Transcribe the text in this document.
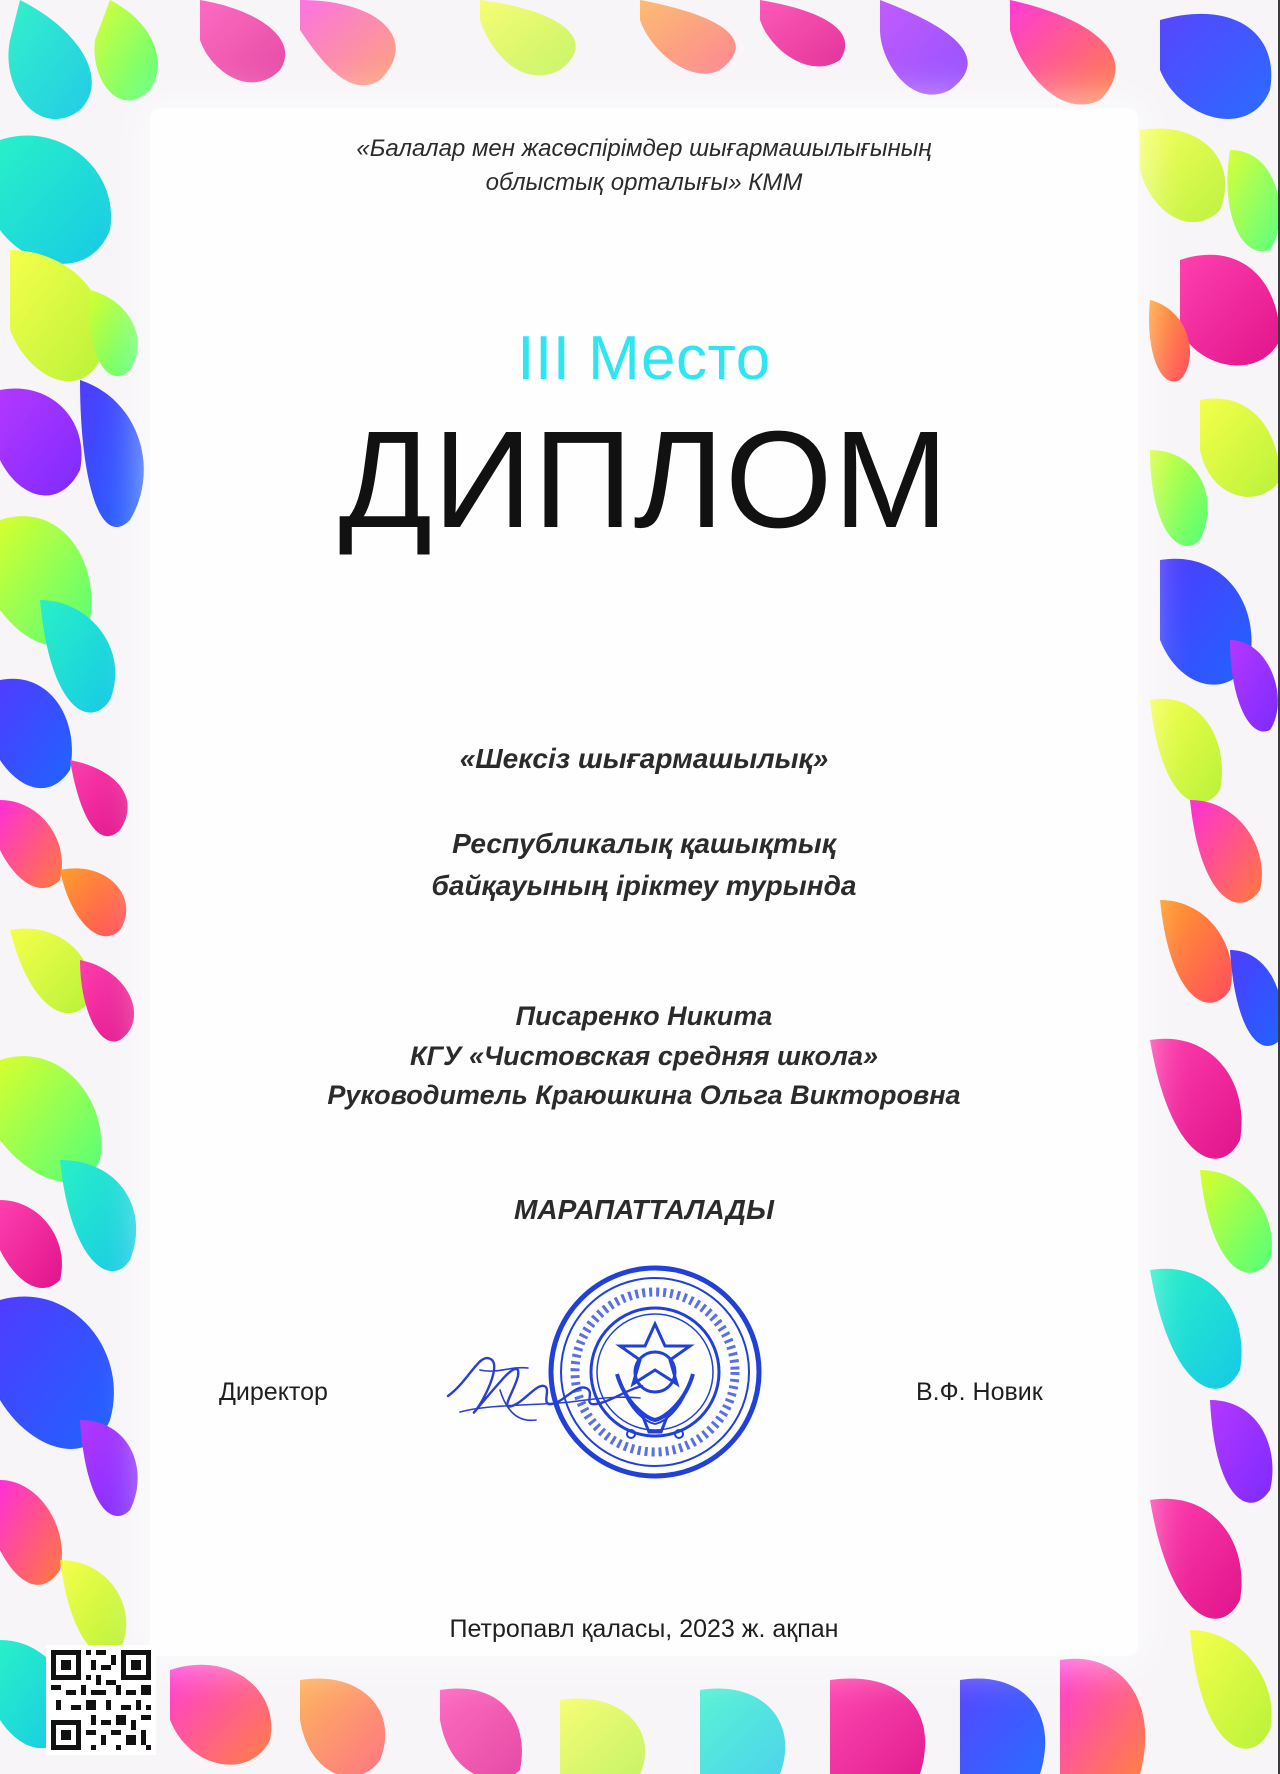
«Балалар мен жасөспірімдер шығармашылығының
облыстық орталығы» КММ
III Место
ДИПЛОМ
«Шексіз шығармашылық»
Республикалық қашықтық
байқауының іріктеу турында
Писаренко Никита
КГУ «Чистовская средняя школа»
Руководитель Краюшкина Ольга Викторовна
МАРАПАТТАЛАДЫ
Директор	В.Ф. Новик
Петропавл қаласы, 2023 ж. ақпан
